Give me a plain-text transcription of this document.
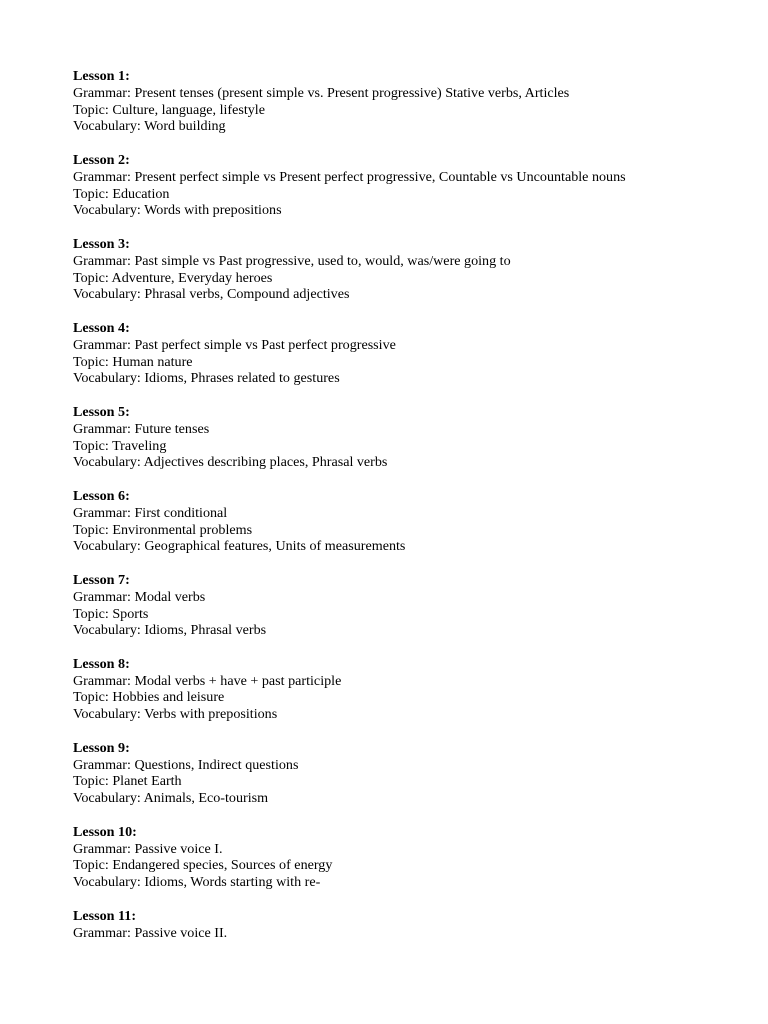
Lesson 1:
Grammar: Present tenses (present simple vs. Present progressive) Stative verbs, Articles
Topic: Culture, language, lifestyle
Vocabulary: Word building
Lesson 2:
Grammar: Present perfect simple vs Present perfect progressive, Countable vs Uncountable nouns
Topic: Education
Vocabulary: Words with prepositions
Lesson 3:
Grammar: Past simple vs Past progressive, used to, would, was/were going to
Topic: Adventure, Everyday heroes
Vocabulary: Phrasal verbs, Compound adjectives
Lesson 4:
Grammar: Past perfect simple vs Past perfect progressive
Topic: Human nature
Vocabulary: Idioms, Phrases related to gestures
Lesson 5:
Grammar: Future tenses
Topic: Traveling
Vocabulary: Adjectives describing places, Phrasal verbs
Lesson 6:
Grammar: First conditional
Topic: Environmental problems
Vocabulary: Geographical features, Units of measurements
Lesson 7:
Grammar: Modal verbs
Topic: Sports
Vocabulary: Idioms, Phrasal verbs
Lesson 8:
Grammar: Modal verbs + have + past participle
Topic: Hobbies and leisure
Vocabulary: Verbs with prepositions
Lesson 9:
Grammar: Questions, Indirect questions
Topic: Planet Earth
Vocabulary: Animals, Eco-tourism
Lesson 10:
Grammar: Passive voice I.
Topic: Endangered species, Sources of energy
Vocabulary: Idioms, Words starting with re-
Lesson 11:
Grammar: Passive voice II.
